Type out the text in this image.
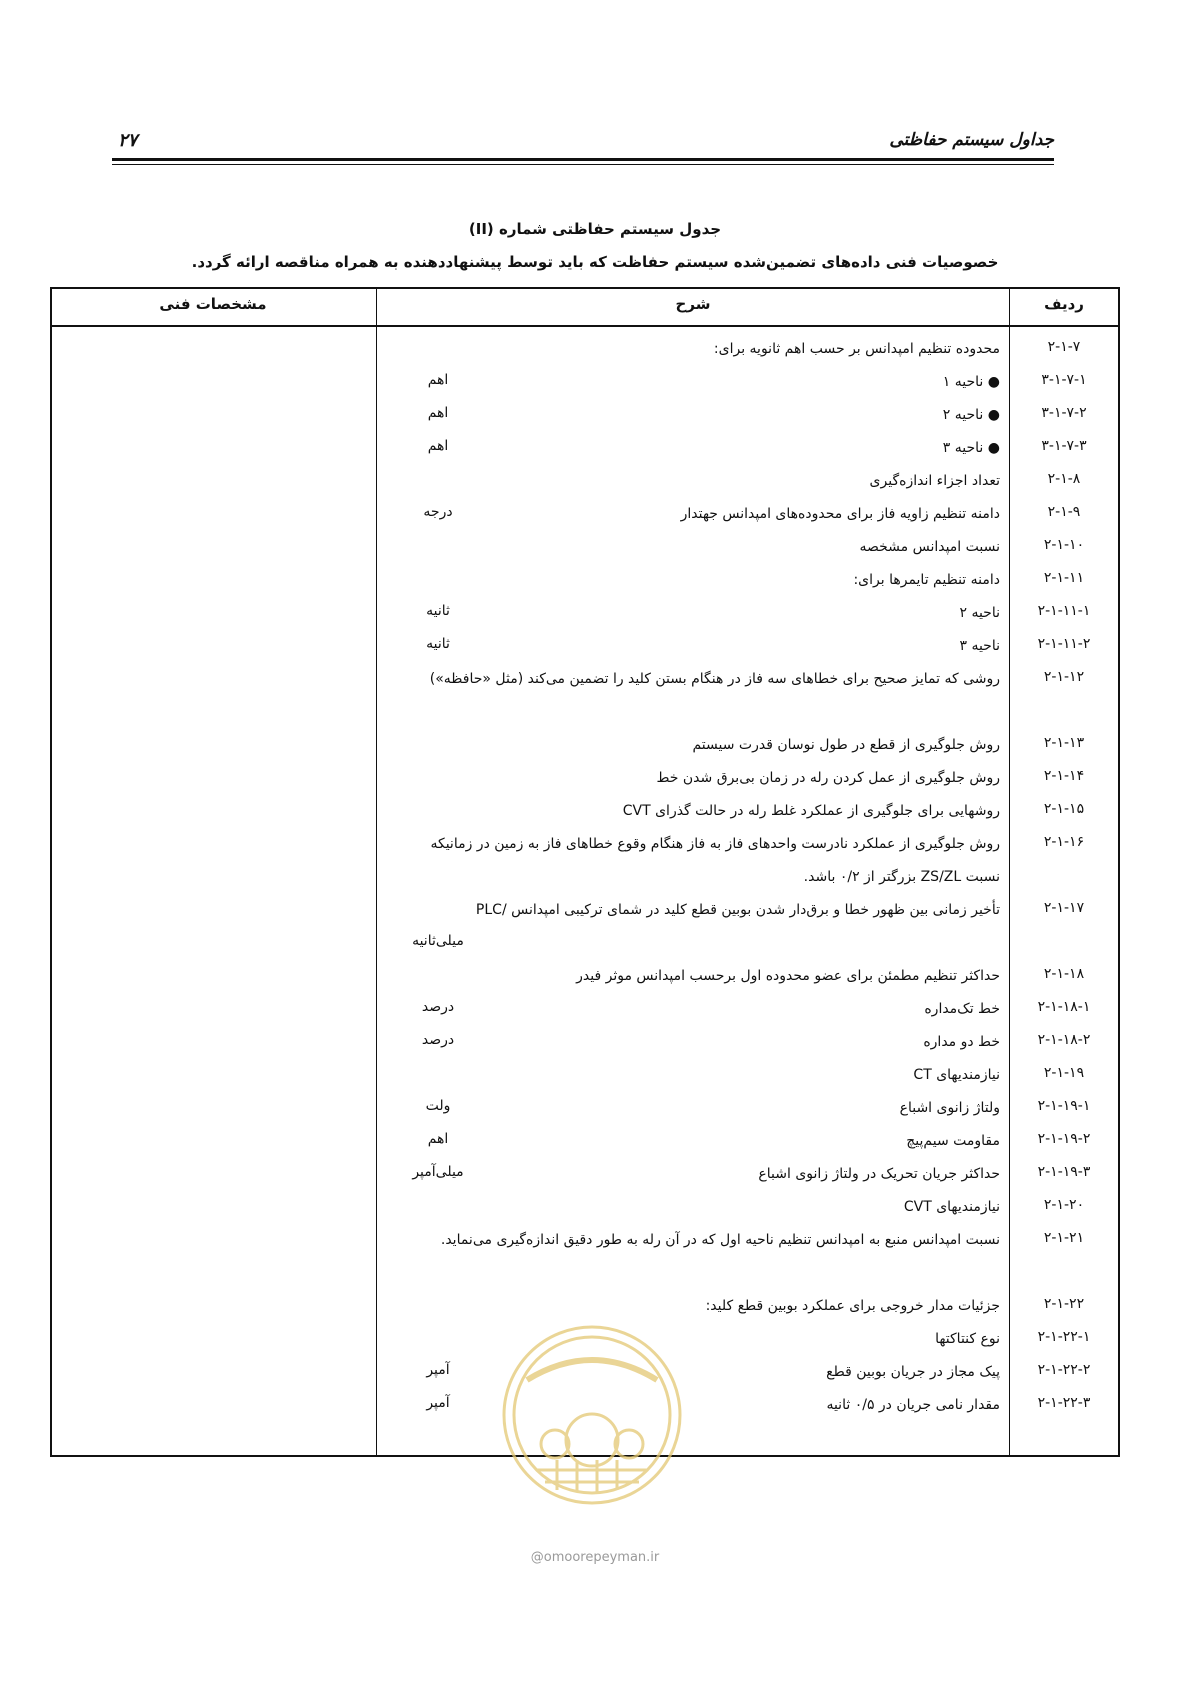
جداول سیستم حفاظتی
۲۷
جدول سیستم حفاظتی شماره (II)
خصوصیات فنی داده‌های تضمین‌شده سیستم حفاظت که باید توسط پیشنهاددهنده به همراه مناقصه ارائه گردد.
ردیف
شرح
مشخصات فنی
۲-۱-۷
محدوده تنظیم امپدانس بر حسب اهم ثانویه برای:
۳-۱-۷-۱
● ناحیه ۱
اهم
۳-۱-۷-۲
● ناحیه ۲
اهم
۳-۱-۷-۳
● ناحیه ۳
اهم
۲-۱-۸
تعداد اجزاء اندازه‌گیری
۲-۱-۹
دامنه تنظیم زاویه فاز برای محدوده‌های امپدانس جهتدار
درجه
۲-۱-۱۰
نسبت امپدانس مشخصه
۲-۱-۱۱
دامنه تنظیم تایمرها برای:
۲-۱-۱۱-۱
ناحیه ۲
ثانیه
۲-۱-۱۱-۲
ناحیه ۳
ثانیه
۲-۱-۱۲
روشی که تمایز صحیح برای خطاهای سه فاز در هنگام بستن کلید را تضمین می‌کند (مثل «حافظه»)
۲-۱-۱۳
روش جلوگیری از قطع در طول نوسان قدرت سیستم
۲-۱-۱۴
روش جلوگیری از عمل کردن رله در زمان بی‌برق شدن خط
۲-۱-۱۵
روشهایی برای جلوگیری از عملکرد غلط رله در حالت گذرای CVT
۲-۱-۱۶
روش جلوگیری از عملکرد نادرست واحدهای فاز به فاز هنگام وقوع خطاهای فاز به زمین در زمانیکه نسبت ZS/ZL بزرگتر از ۰/۲ باشد.
۲-۱-۱۷
تأخیر زمانی بین ظهور خطا و برق‌دار شدن بوبین قطع کلید در شمای ترکیبی امپدانس /PLC
میلی‌ثانیه
۲-۱-۱۸
حداکثر تنظیم مطمئن برای عضو محدوده اول برحسب امپدانس موثر فیدر
۲-۱-۱۸-۱
خط تک‌مداره
درصد
۲-۱-۱۸-۲
خط دو مداره
درصد
۲-۱-۱۹
نیازمندیهای CT
۲-۱-۱۹-۱
ولتاژ زانوی اشباع
ولت
۲-۱-۱۹-۲
مقاومت سیم‌پیچ
اهم
۲-۱-۱۹-۳
حداکثر جریان تحریک در ولتاژ زانوی اشباع
میلی‌آمپر
۲-۱-۲۰
نیازمندیهای CVT
۲-۱-۲۱
نسبت امپدانس منبع به امپدانس تنظیم ناحیه اول که در آن رله به طور دقیق اندازه‌گیری می‌نماید.
۲-۱-۲۲
جزئیات مدار خروجی برای عملکرد بوبین قطع کلید:
۲-۱-۲۲-۱
نوع کنتاکتها
۲-۱-۲۲-۲
پیک مجاز در جریان بوبین قطع
آمپر
۲-۱-۲۲-۳
مقدار نامی جریان در ۰/۵ ثانیه
آمپر
@omoorepeyman.ir
